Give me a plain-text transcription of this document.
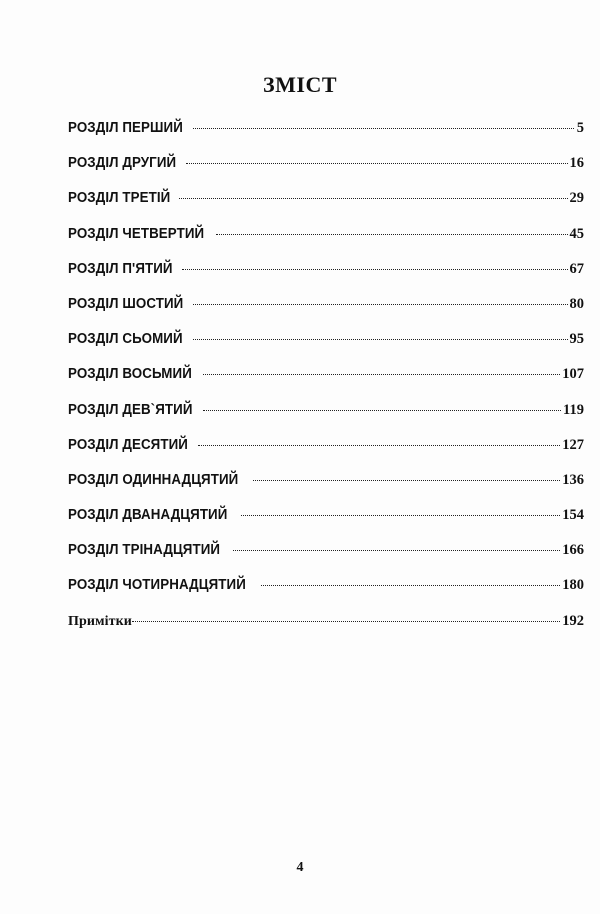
ЗМІСТ
РОЗДІЛ ПЕРШИЙ	5
РОЗДІЛ ДРУГИЙ	16
РОЗДІЛ ТРЕТІЙ	29
РОЗДІЛ ЧЕТВЕРТИЙ	45
РОЗДІЛ П'ЯТИЙ	67
РОЗДІЛ ШОСТИЙ	80
РОЗДІЛ СЬОМИЙ	95
РОЗДІЛ ВОСЬМИЙ	107
РОЗДІЛ ДЕВ`ЯТИЙ	119
РОЗДІЛ ДЕСЯТИЙ	127
РОЗДІЛ ОДИННАДЦЯТИЙ	136
РОЗДІЛ ДВАНАДЦЯТИЙ	154
РОЗДІЛ ТРІНАДЦЯТИЙ	166
РОЗДІЛ ЧОТИРНАДЦЯТИЙ	180
Примітки	192
4
